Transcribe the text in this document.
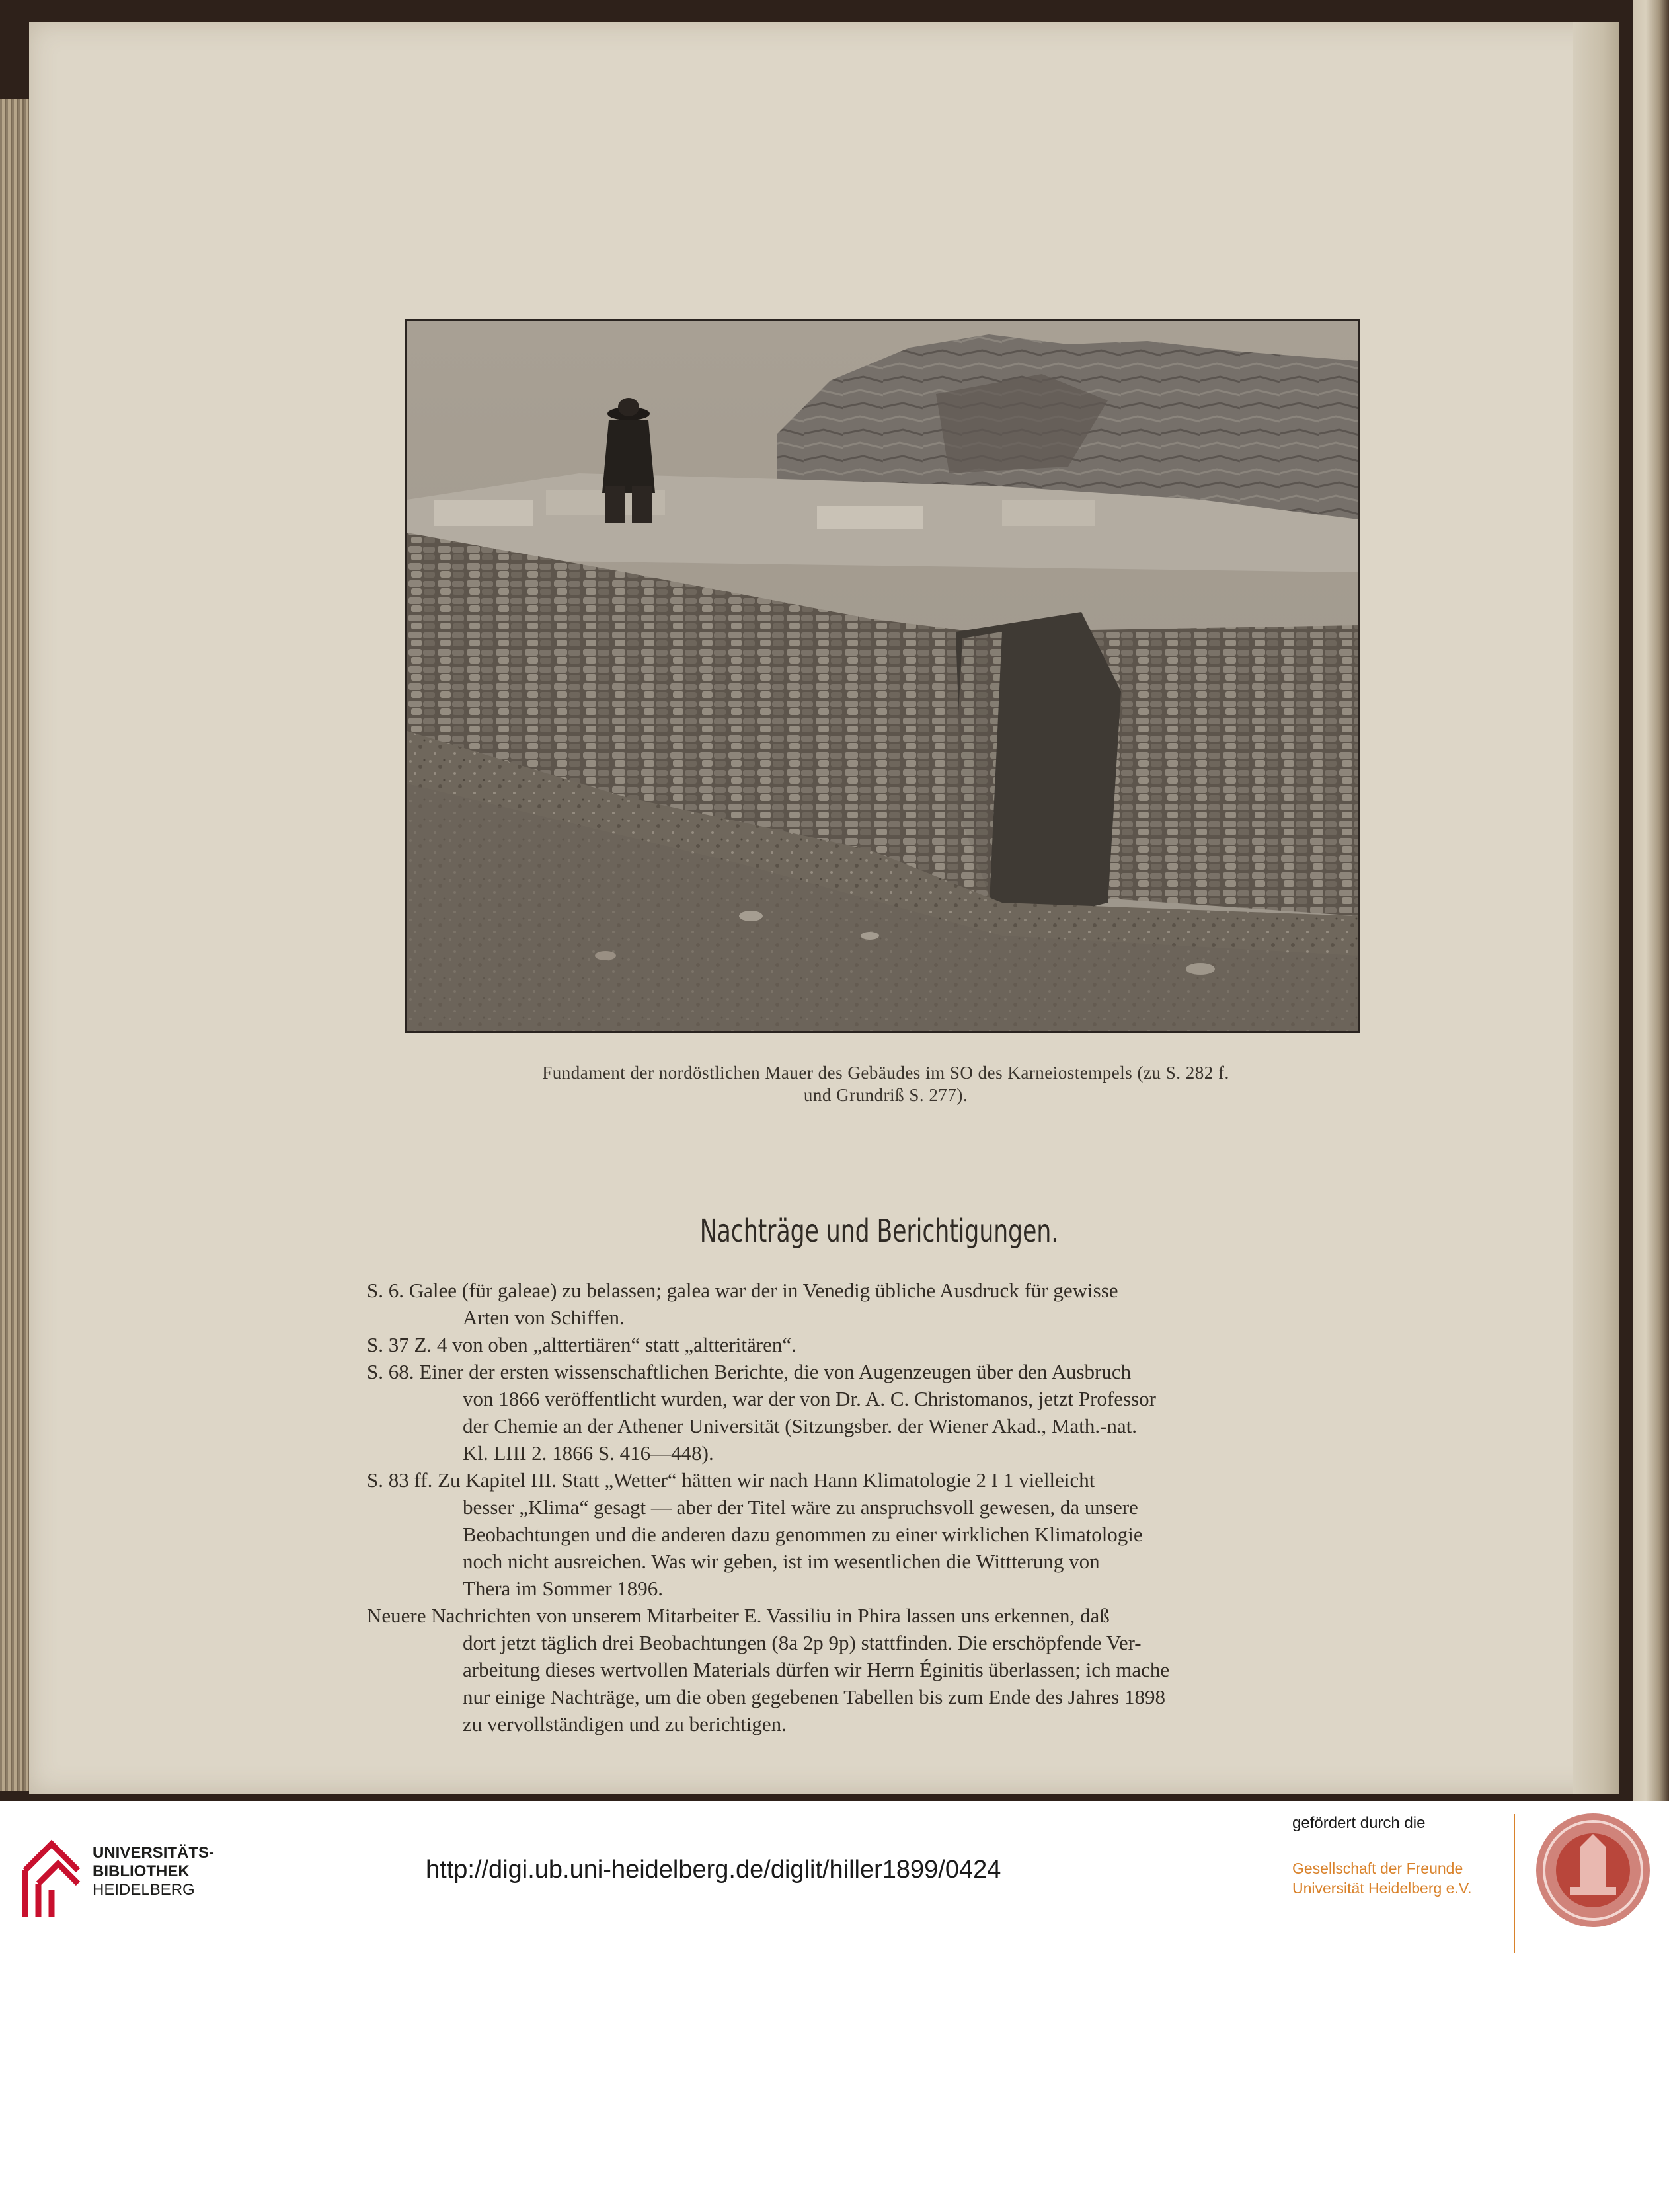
Fundament der nordöstlichen Mauer des Gebäudes im SO des Karneiostempels (zu S. 282 f.
und Grundriß S. 277).
Nachträge und Berichtigungen.
S. 6. Galee (für galeae) zu belassen; galea war der in Venedig übliche Ausdruck für gewisse
Arten von Schiffen.
S. 37 Z. 4 von oben „alttertiären“ statt „altteritären“.
S. 68. Einer der ersten wissenschaftlichen Berichte, die von Augenzeugen über den Ausbruch
von 1866 veröffentlicht wurden, war der von Dr. A. C. Christomanos, jetzt Professor
der Chemie an der Athener Universität (Sitzungsber. der Wiener Akad., Math.-nat.
Kl. LIII 2. 1866 S. 416—448).
S. 83 ff. Zu Kapitel III. Statt „Wetter“ hätten wir nach Hann Klimatologie 2 I 1 vielleicht
besser „Klima“ gesagt — aber der Titel wäre zu anspruchsvoll gewesen, da unsere
Beobachtungen und die anderen dazu genommen zu einer wirklichen Klimatologie
noch nicht ausreichen. Was wir geben, ist im wesentlichen die Wittterung von
Thera im Sommer 1896.
Neuere Nachrichten von unserem Mitarbeiter E. Vassiliu in Phira lassen uns erkennen, daß
dort jetzt täglich drei Beobachtungen (8a 2p 9p) stattfinden. Die erschöpfende Ver-
arbeitung dieses wertvollen Materials dürfen wir Herrn Éginitis überlassen; ich mache
nur einige Nachträge, um die oben gegebenen Tabellen bis zum Ende des Jahres 1898
zu vervollständigen und zu berichtigen.
UNIVERSITÄTS-
BIBLIOTHEK
HEIDELBERG
http://digi.ub.uni-heidelberg.de/diglit/hiller1899/0424
gefördert durch die
Gesellschaft der Freunde
Universität Heidelberg e.V.
